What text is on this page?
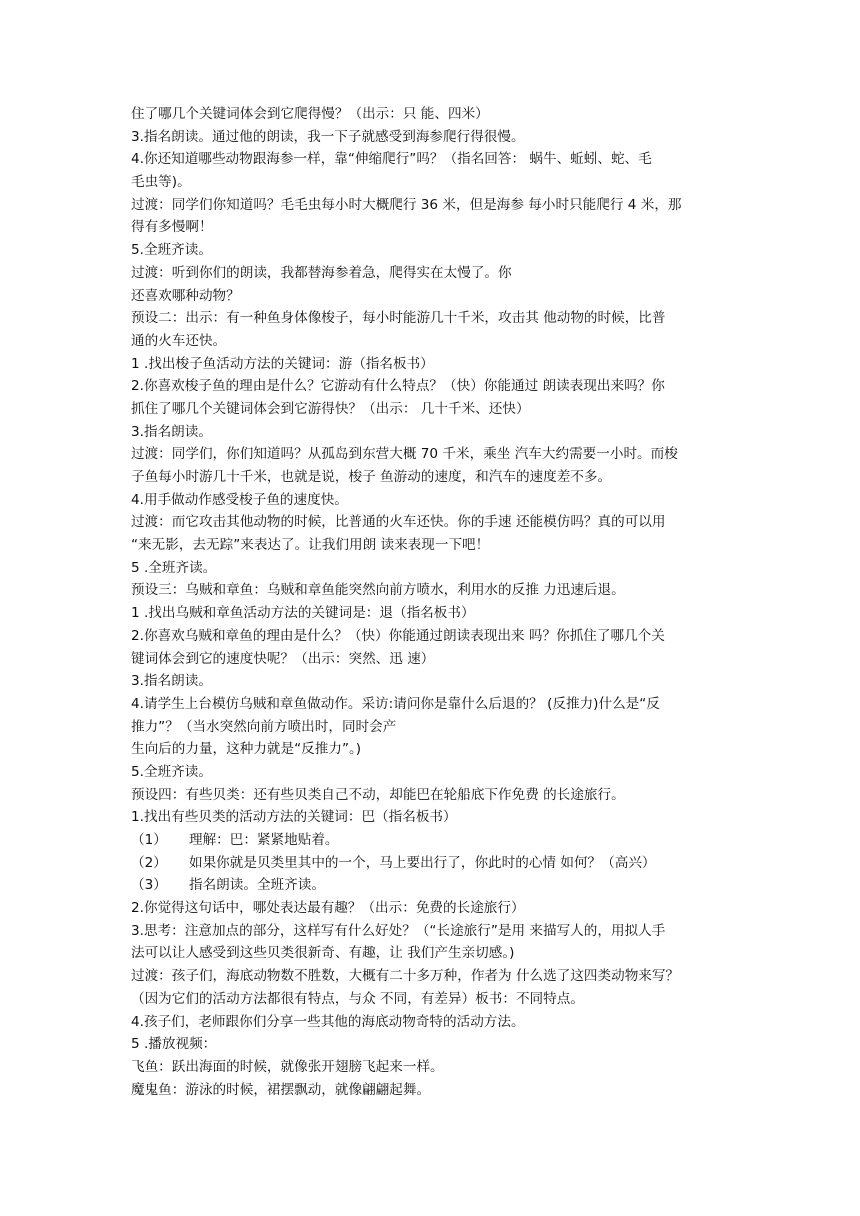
住了哪几个关键词体会到它爬得慢？（出示：只 能、四米）
3.指名朗读。通过他的朗读，我一下子就感受到海参爬行得很慢。
4.你还知道哪些动物跟海参一样，靠“伸缩爬行”吗？（指名回答： 蜗牛、蚯蚓、蛇、毛
毛虫等)。
过渡：同学们你知道吗？毛毛虫每小时大概爬行 36 米，但是海参 每小时只能爬行 4 米，那
得有多慢啊！
5.全班齐读。
过渡：听到你们的朗读，我都替海参着急，爬得实在太慢了。你
还喜欢哪种动物？
预设二：出示：有一种鱼身体像梭子，每小时能游几十千米，攻击其 他动物的时候，比普
通的火车还快。
1 .找出梭子鱼活动方法的关键词：游（指名板书）
2.你喜欢梭子鱼的理由是什么？它游动有什么特点？（快）你能通过 朗读表现出来吗？你
抓住了哪几个关键词体会到它游得快？（出示： 几十千米、还快）
3.指名朗读。
过渡：同学们，你们知道吗？从孤岛到东营大概 70 千米，乘坐 汽车大约需要一小时。而梭
子鱼每小时游几十千米，也就是说，梭子 鱼游动的速度，和汽车的速度差不多。
4.用手做动作感受梭子鱼的速度快。
过渡：而它攻击其他动物的时候，比普通的火车还快。你的手速 还能模仿吗？真的可以用
“来无影，去无踪”来表达了。让我们用朗 读来表现一下吧！
5 .全班齐读。
预设三：乌贼和章鱼：乌贼和章鱼能突然向前方喷水，利用水的反推 力迅速后退。
1 .找出乌贼和章鱼活动方法的关键词是：退（指名板书）
2.你喜欢乌贼和章鱼的理由是什么？（快）你能通过朗读表现出来 吗？你抓住了哪几个关
键词体会到它的速度快呢？（出示：突然、迅 速）
3.指名朗读。
4.请学生上台模仿乌贼和章鱼做动作。采访:请问你是靠什么后退的？ (反推力)什么是“反
推力”？（当水突然向前方喷出时，同时会产
生向后的力量，这种力就是“反推力”。)
5.全班齐读。
预设四：有些贝类：还有些贝类自己不动，却能巴在轮船底下作免费 的长途旅行。
1.找出有些贝类的活动方法的关键词：巴（指名板书）
（1）	理解：巴：紧紧地贴着。
（2）	如果你就是贝类里其中的一个，马上要出行了，你此时的心情 如何？（高兴）
（3）	指名朗读。全班齐读。
2.你觉得这句话中，哪处表达最有趣？（出示：免费的长途旅行）
3.思考：注意加点的部分，这样写有什么好处？（“长途旅行”是用 来描写人的，用拟人手
法可以让人感受到这些贝类很新奇、有趣，让 我们产生亲切感。)
过渡：孩子们，海底动物数不胜数，大概有二十多万种，作者为 什么选了这四类动物来写？
（因为它们的活动方法都很有特点，与众 不同，有差异）板书：不同特点。
4.孩子们，老师跟你们分享一些其他的海底动物奇特的活动方法。
5 .播放视频：
飞鱼：跃出海面的时候，就像张开翅膀飞起来一样。
魔鬼鱼：游泳的时候，裙摆飘动，就像翩翩起舞。
